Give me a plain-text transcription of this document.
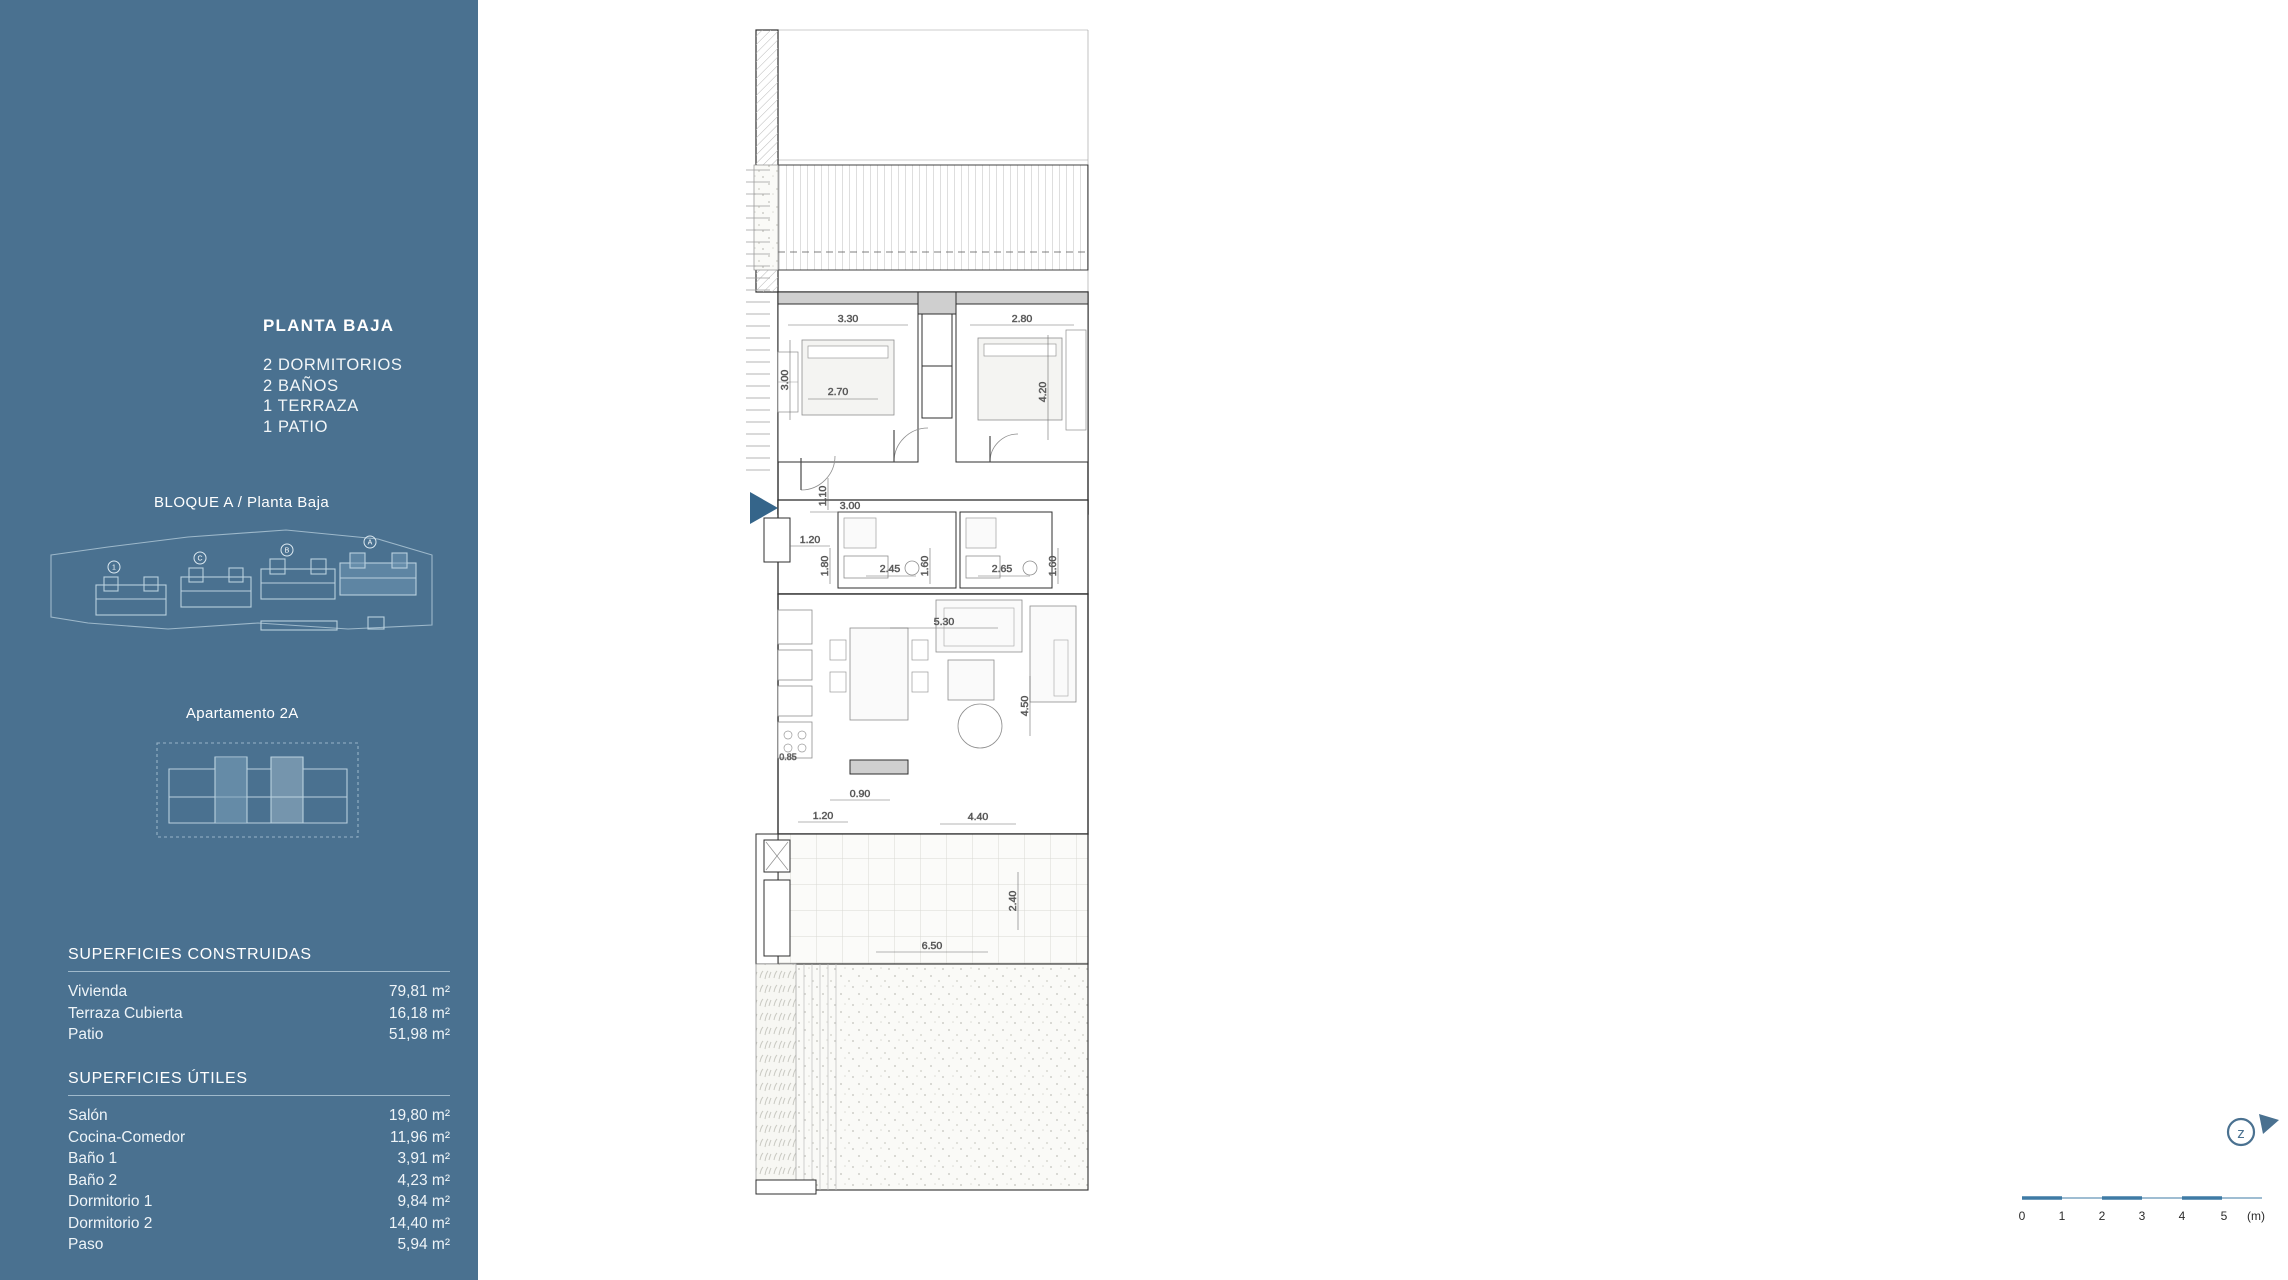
PLANTA BAJA
2 DORMITORIOS
2 BAÑOS
1 TERRAZA
1 PATIO
BLOQUE A / Planta Baja
1
C
B
A
Apartamento 2A
SUPERFICIES CONSTRUIDAS
Vivienda	79,81 m²
Terraza Cubierta	16,18 m²
Patio	51,98 m²
SUPERFICIES ÚTILES
Salón	19,80 m²
Cocina-Comedor	11,96 m²
Baño 1	3,91 m²
Baño 2	4,23 m²
Dormitorio 1	9,84 m²
Dormitorio 2	14,40 m²
Paso	5,94 m²
3.30
3.00
2.70
2.80
4.20
1.10 3.00
1.20
1.80	1.60	1.60
2.45	2.65
5.30
4.50
0.90
1.20
0.85
4.40
6.50
2.40
z
0	1	2	3	4	5 (m)
